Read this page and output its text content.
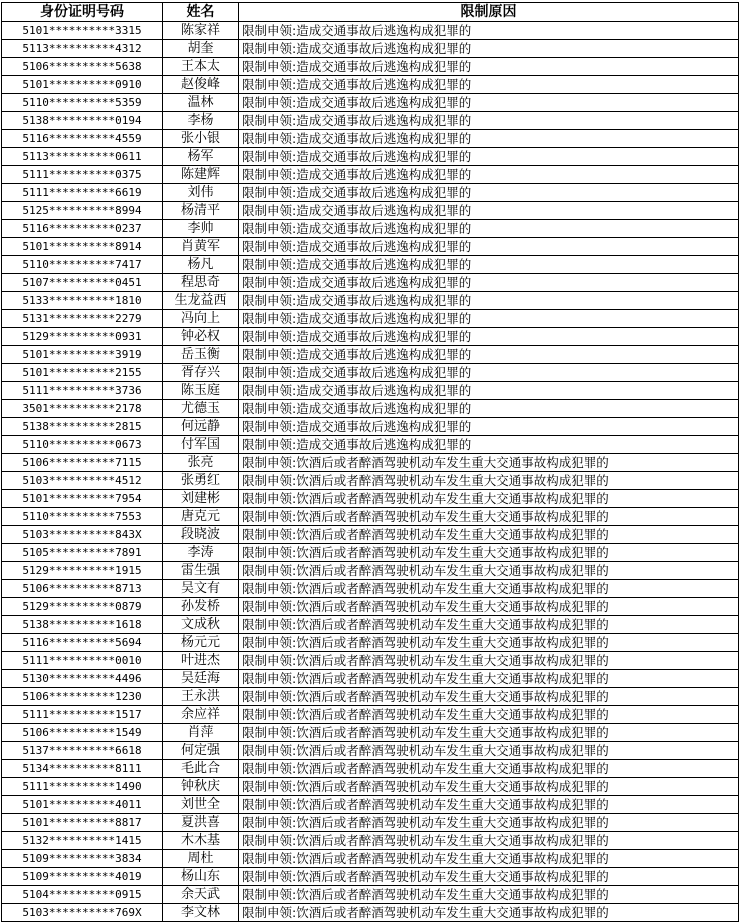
身份证明号码	姓名	限制原因
5101**********3315	陈家祥	限制申领:造成交通事故后逃逸构成犯罪的
5113**********4312	胡奎	限制申领:造成交通事故后逃逸构成犯罪的
5106**********5638	王本太	限制申领:造成交通事故后逃逸构成犯罪的
5101**********0910	赵俊峰	限制申领:造成交通事故后逃逸构成犯罪的
5110**********5359	温林	限制申领:造成交通事故后逃逸构成犯罪的
5138**********0194	李杨	限制申领:造成交通事故后逃逸构成犯罪的
5116**********4559	张小银	限制申领:造成交通事故后逃逸构成犯罪的
5113**********0611	杨军	限制申领:造成交通事故后逃逸构成犯罪的
5111**********0375	陈建辉	限制申领:造成交通事故后逃逸构成犯罪的
5111**********6619	刘伟	限制申领:造成交通事故后逃逸构成犯罪的
5125**********8994	杨清平	限制申领:造成交通事故后逃逸构成犯罪的
5116**********0237	李帅	限制申领:造成交通事故后逃逸构成犯罪的
5101**********8914	肖黄军	限制申领:造成交通事故后逃逸构成犯罪的
5110**********7417	杨凡	限制申领:造成交通事故后逃逸构成犯罪的
5107**********0451	程思奇	限制申领:造成交通事故后逃逸构成犯罪的
5133**********1810	生龙益西	限制申领:造成交通事故后逃逸构成犯罪的
5131**********2279	冯向上	限制申领:造成交通事故后逃逸构成犯罪的
5129**********0931	钟必权	限制申领:造成交通事故后逃逸构成犯罪的
5101**********3919	岳玉衡	限制申领:造成交通事故后逃逸构成犯罪的
5101**********2155	胥存兴	限制申领:造成交通事故后逃逸构成犯罪的
5111**********3736	陈玉庭	限制申领:造成交通事故后逃逸构成犯罪的
3501**********2178	尤德玉	限制申领:造成交通事故后逃逸构成犯罪的
5138**********2815	何远静	限制申领:造成交通事故后逃逸构成犯罪的
5110**********0673	付军国	限制申领:造成交通事故后逃逸构成犯罪的
5106**********7115	张亮	限制申领:饮酒后或者醉酒驾驶机动车发生重大交通事故构成犯罪的
5103**********4512	张勇红	限制申领:饮酒后或者醉酒驾驶机动车发生重大交通事故构成犯罪的
5101**********7954	刘建彬	限制申领:饮酒后或者醉酒驾驶机动车发生重大交通事故构成犯罪的
5110**********7553	唐克元	限制申领:饮酒后或者醉酒驾驶机动车发生重大交通事故构成犯罪的
5103**********843X	段晓波	限制申领:饮酒后或者醉酒驾驶机动车发生重大交通事故构成犯罪的
5105**********7891	李涛	限制申领:饮酒后或者醉酒驾驶机动车发生重大交通事故构成犯罪的
5129**********1915	雷生强	限制申领:饮酒后或者醉酒驾驶机动车发生重大交通事故构成犯罪的
5106**********8713	吴文有	限制申领:饮酒后或者醉酒驾驶机动车发生重大交通事故构成犯罪的
5129**********0879	孙发桥	限制申领:饮酒后或者醉酒驾驶机动车发生重大交通事故构成犯罪的
5138**********1618	文成秋	限制申领:饮酒后或者醉酒驾驶机动车发生重大交通事故构成犯罪的
5116**********5694	杨元元	限制申领:饮酒后或者醉酒驾驶机动车发生重大交通事故构成犯罪的
5111**********0010	叶进杰	限制申领:饮酒后或者醉酒驾驶机动车发生重大交通事故构成犯罪的
5130**********4496	吴廷海	限制申领:饮酒后或者醉酒驾驶机动车发生重大交通事故构成犯罪的
5106**********1230	王永洪	限制申领:饮酒后或者醉酒驾驶机动车发生重大交通事故构成犯罪的
5111**********1517	余应祥	限制申领:饮酒后或者醉酒驾驶机动车发生重大交通事故构成犯罪的
5106**********1549	肖萍	限制申领:饮酒后或者醉酒驾驶机动车发生重大交通事故构成犯罪的
5137**********6618	何定强	限制申领:饮酒后或者醉酒驾驶机动车发生重大交通事故构成犯罪的
5134**********8111	毛此合	限制申领:饮酒后或者醉酒驾驶机动车发生重大交通事故构成犯罪的
5111**********1490	钟秋庆	限制申领:饮酒后或者醉酒驾驶机动车发生重大交通事故构成犯罪的
5101**********4011	刘世全	限制申领:饮酒后或者醉酒驾驶机动车发生重大交通事故构成犯罪的
5101**********8817	夏洪喜	限制申领:饮酒后或者醉酒驾驶机动车发生重大交通事故构成犯罪的
5132**********1415	木木基	限制申领:饮酒后或者醉酒驾驶机动车发生重大交通事故构成犯罪的
5109**********3834	周杜	限制申领:饮酒后或者醉酒驾驶机动车发生重大交通事故构成犯罪的
5109**********4019	杨山东	限制申领:饮酒后或者醉酒驾驶机动车发生重大交通事故构成犯罪的
5104**********0915	余天武	限制申领:饮酒后或者醉酒驾驶机动车发生重大交通事故构成犯罪的
5103**********769X	李文林	限制申领:饮酒后或者醉酒驾驶机动车发生重大交通事故构成犯罪的
